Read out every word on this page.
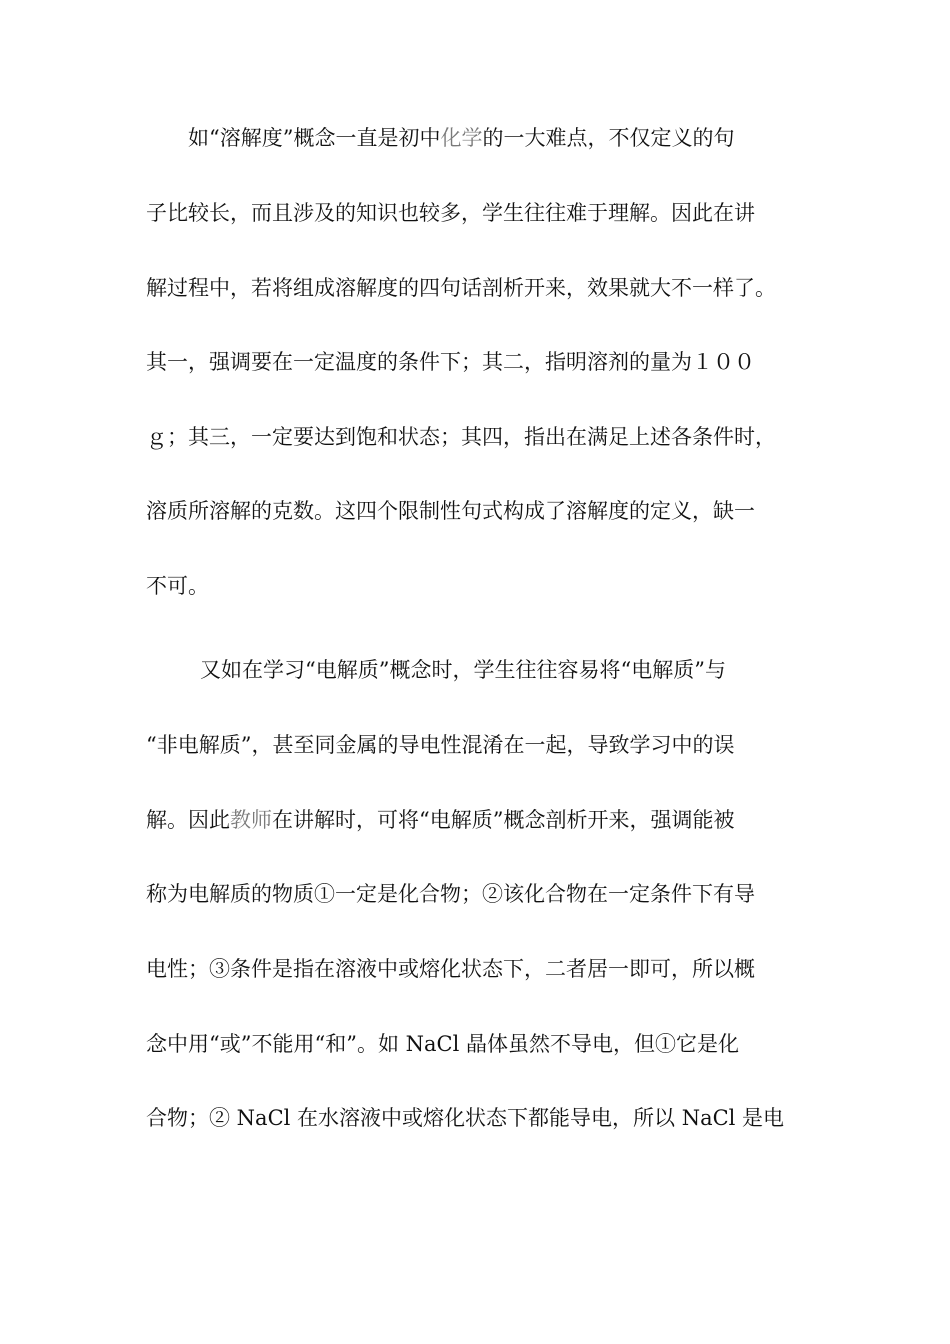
如“溶解度”概念一直是初中化学的一大难点，不仅定义的句
子比较长，而且涉及的知识也较多，学生往往难于理解。因此在讲
解过程中，若将组成溶解度的四句话剖析开来，效果就大不一样了。
其一，强调要在一定温度的条件下；其二，指明溶剂的量为１００
ｇ；其三，一定要达到饱和状态；其四，指出在满足上述各条件时，
溶质所溶解的克数。这四个限制性句式构成了溶解度的定义，缺一
不可。
又如在学习“电解质”概念时，学生往往容易将“电解质”与
“非电解质”，甚至同金属的导电性混淆在一起，导致学习中的误
解。因此教师在讲解时，可将“电解质”概念剖析开来，强调能被
称为电解质的物质①一定是化合物；②该化合物在一定条件下有导
电性；③条件是指在溶液中或熔化状态下，二者居一即可，所以概
念中用“或”不能用“和”。如 NaCl 晶体虽然不导电，但①它是化
合物；② NaCl 在水溶液中或熔化状态下都能导电，所以 NaCl 是电
